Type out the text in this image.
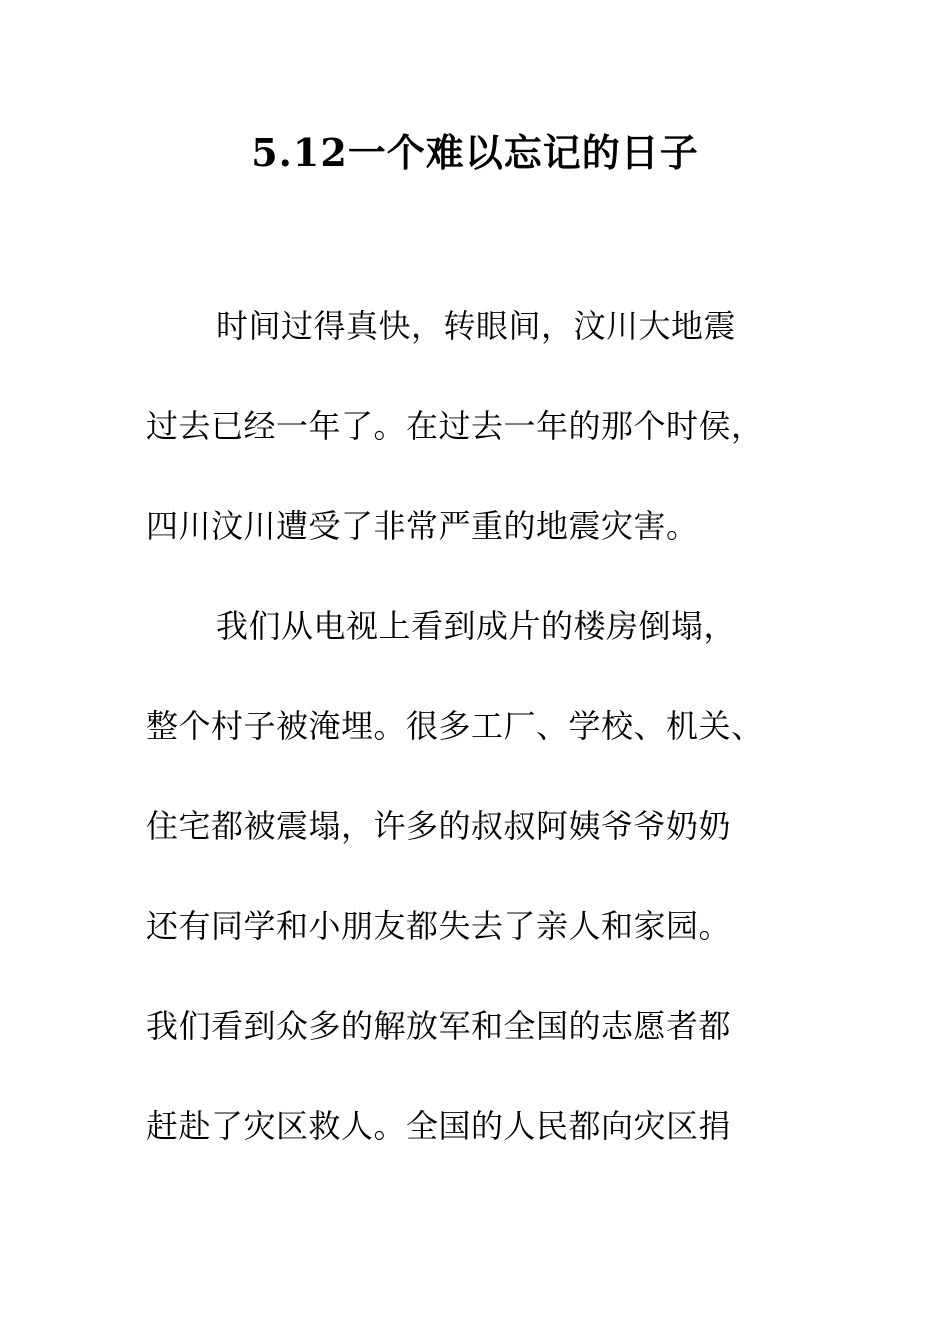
5.12一个难以忘记的日子
时间过得真快，转眼间，汶川大地震
过去已经一年了。在过去一年的那个时侯，
四川汶川遭受了非常严重的地震灾害。
我们从电视上看到成片的楼房倒塌，
整个村子被淹埋。很多工厂、学校、机关、
住宅都被震塌，许多的叔叔阿姨爷爷奶奶
还有同学和小朋友都失去了亲人和家园。
我们看到众多的解放军和全国的志愿者都
赶赴了灾区救人。全国的人民都向灾区捐
